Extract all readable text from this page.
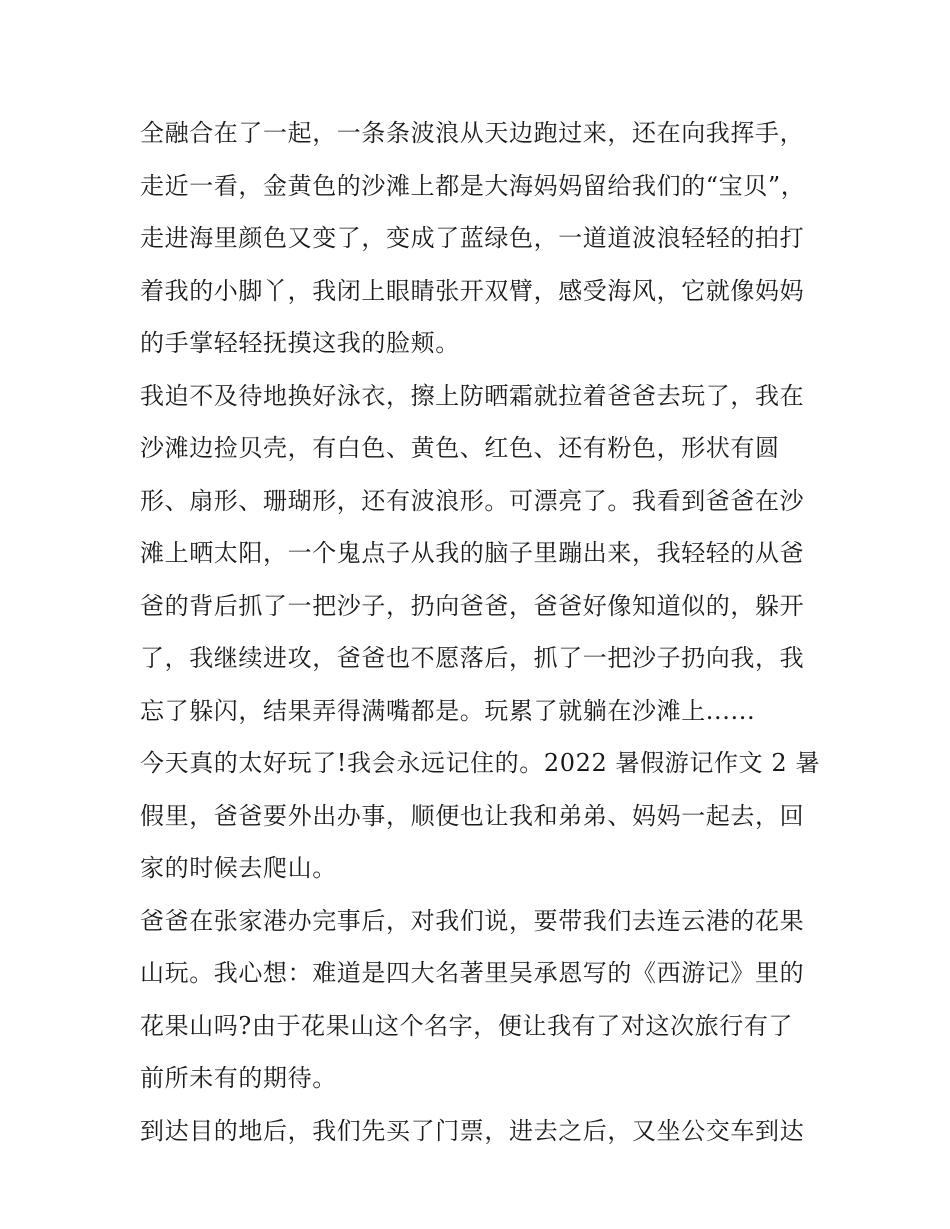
全融合在了一起，一条条波浪从天边跑过来，还在向我挥手，
走近一看，金黄色的沙滩上都是大海妈妈留给我们的“宝贝”，
走进海里颜色又变了，变成了蓝绿色，一道道波浪轻轻的拍打
着我的小脚丫，我闭上眼睛张开双臂，感受海风，它就像妈妈
的手掌轻轻抚摸这我的脸颊。
我迫不及待地换好泳衣，擦上防晒霜就拉着爸爸去玩了，我在
沙滩边捡贝壳，有白色、黄色、红色、还有粉色，形状有圆
形、扇形、珊瑚形，还有波浪形。可漂亮了。我看到爸爸在沙
滩上晒太阳，一个鬼点子从我的脑子里蹦出来，我轻轻的从爸
爸的背后抓了一把沙子，扔向爸爸，爸爸好像知道似的，躲开
了，我继续进攻，爸爸也不愿落后，抓了一把沙子扔向我，我
忘了躲闪，结果弄得满嘴都是。玩累了就躺在沙滩上......
今天真的太好玩了!我会永远记住的。2022 暑假游记作文 2 暑
假里，爸爸要外出办事，顺便也让我和弟弟、妈妈一起去，回
家的时候去爬山。
爸爸在张家港办完事后，对我们说，要带我们去连云港的花果
山玩。我心想：难道是四大名著里吴承恩写的《西游记》里的
花果山吗?由于花果山这个名字，便让我有了对这次旅行有了
前所未有的期待。
到达目的地后，我们先买了门票，进去之后，又坐公交车到达
